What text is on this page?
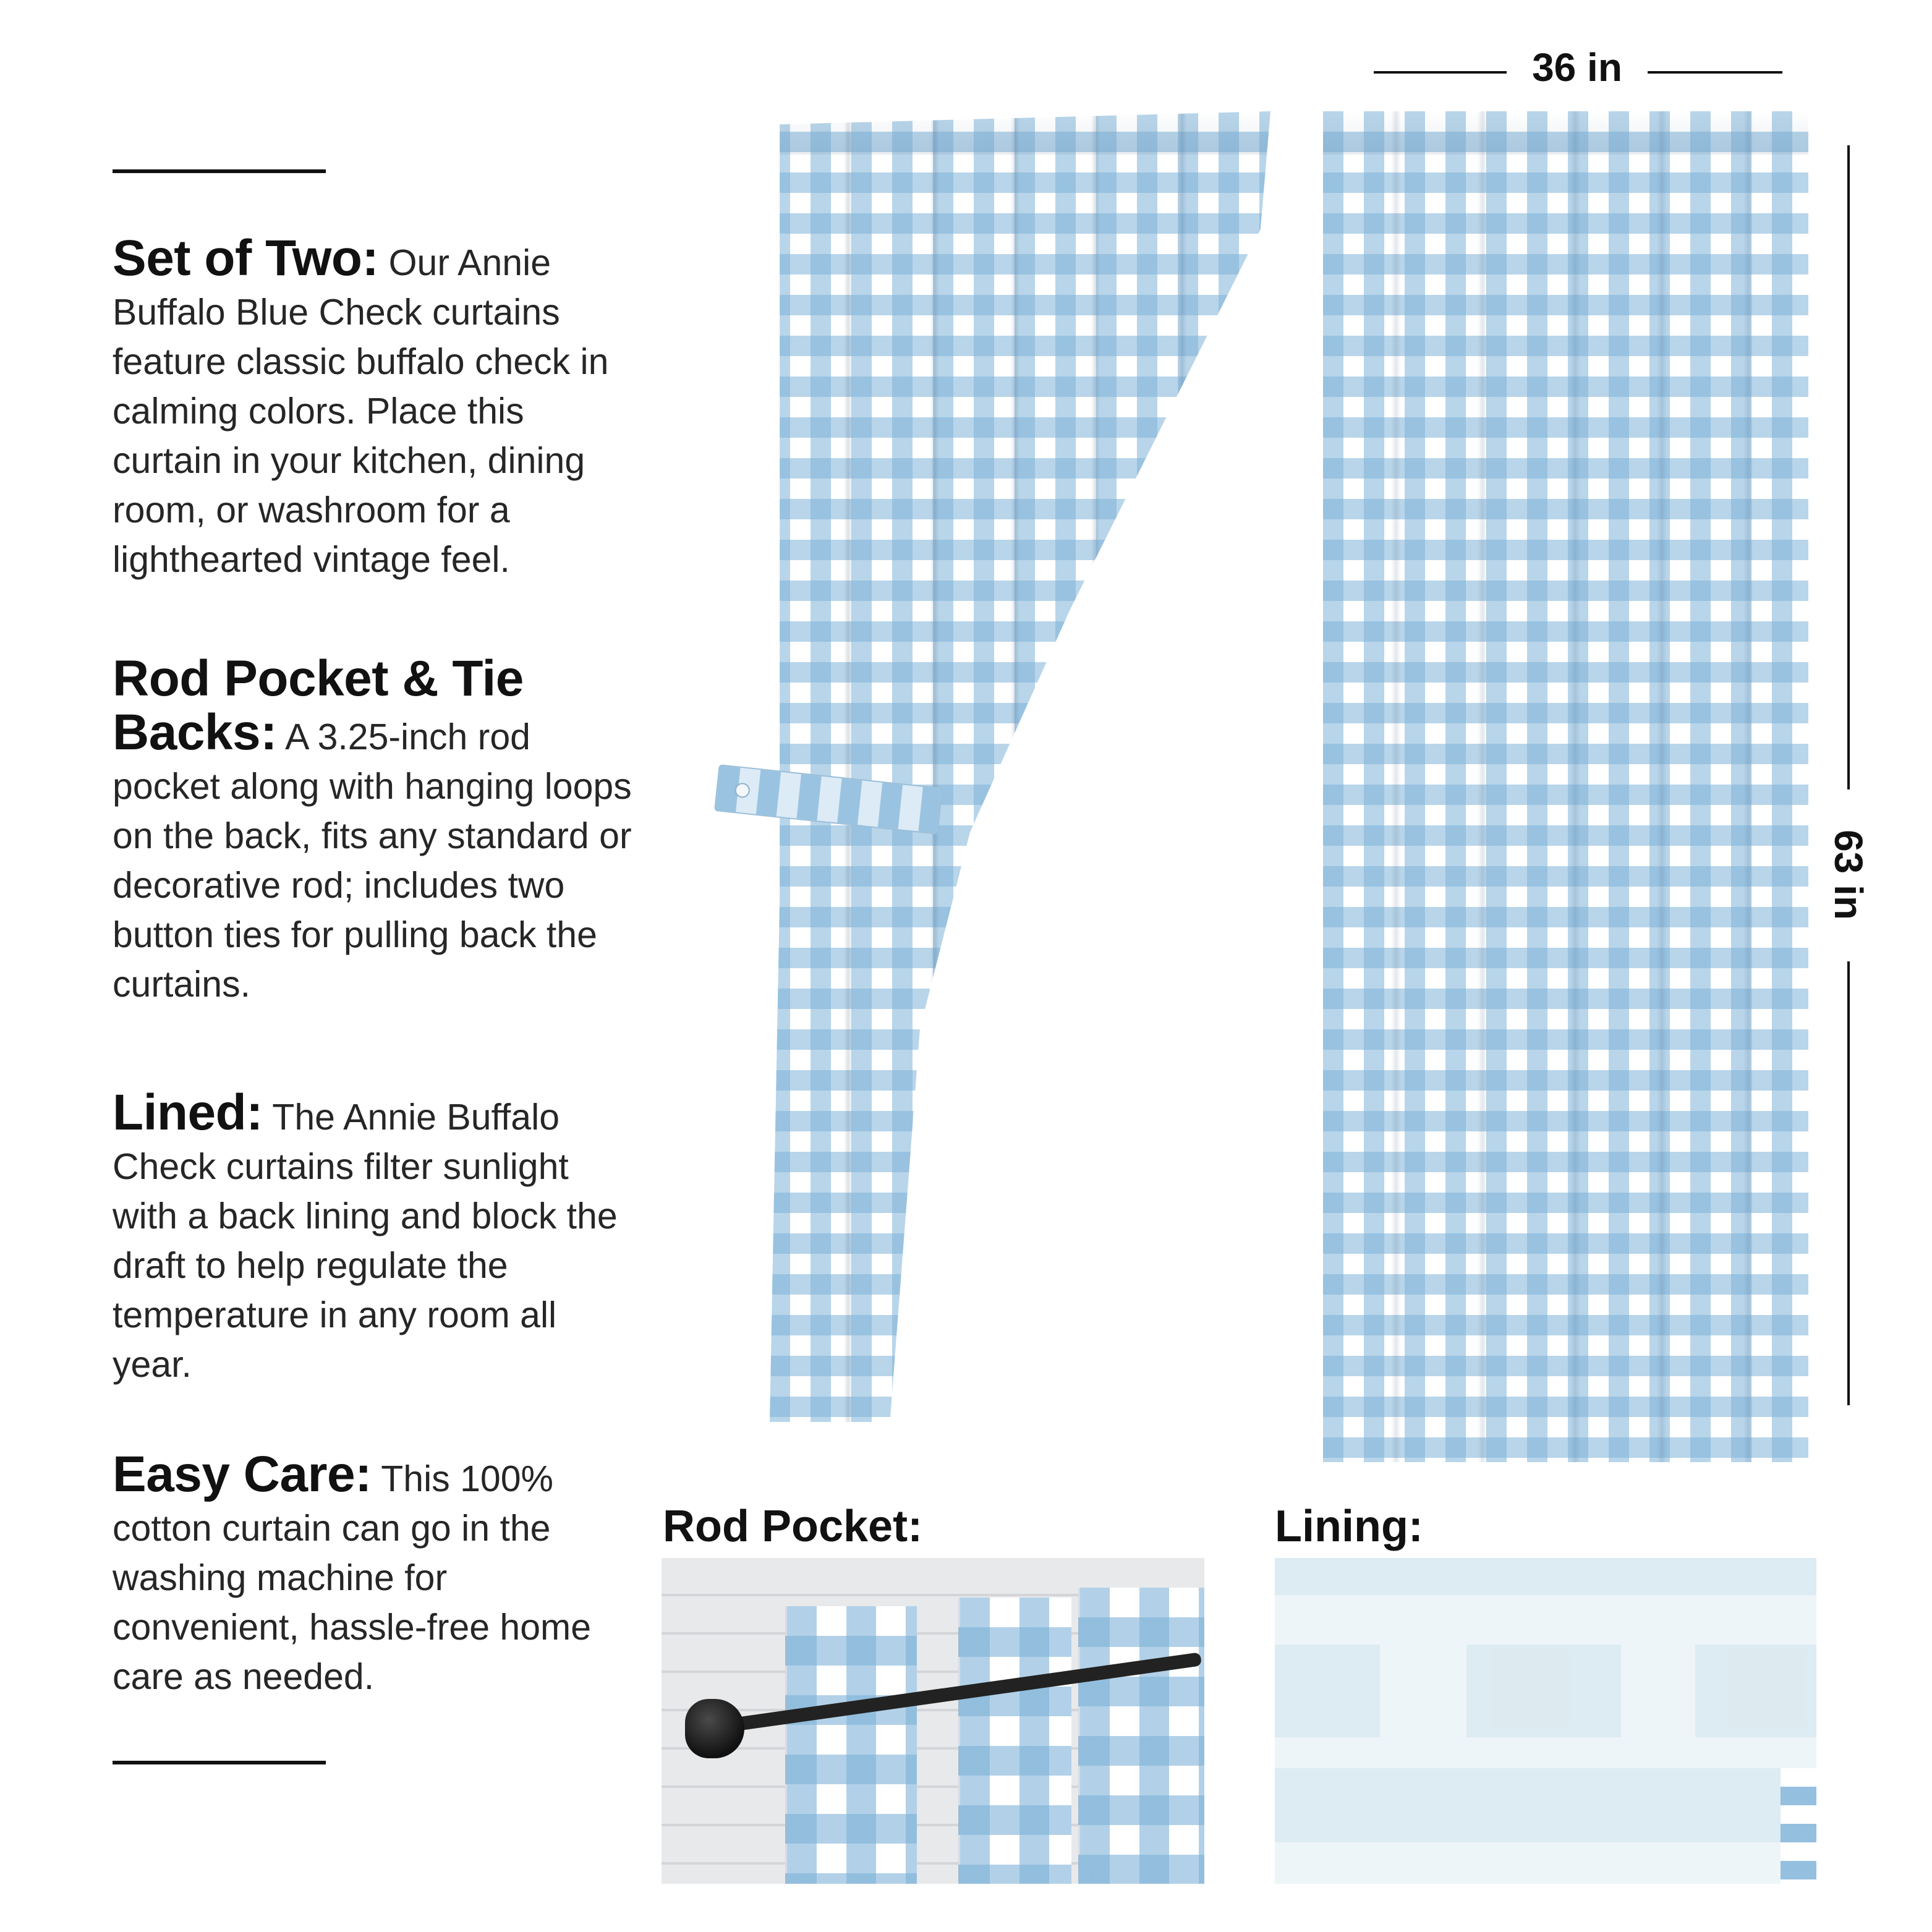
Set of Two: Our Annie Buffalo Blue Check curtains feature classic buffalo check in calming colors. Place this curtain in your kitchen, dining room, or washroom for a lighthearted vintage feel.
Rod Pocket & Tie Backs: A 3.25-inch rod pocket along with hanging loops on the back, fits any standard or decorative rod; includes two button ties for pulling back the curtains.
Lined: The Annie Buffalo Check curtains filter sunlight with a back lining and block the draft to help regulate the temperature in any room all year.
Easy Care: This 100% cotton curtain can go in the washing machine for convenient, hassle-free home care as needed.
36 in
63 in
Rod Pocket:	Lining:
